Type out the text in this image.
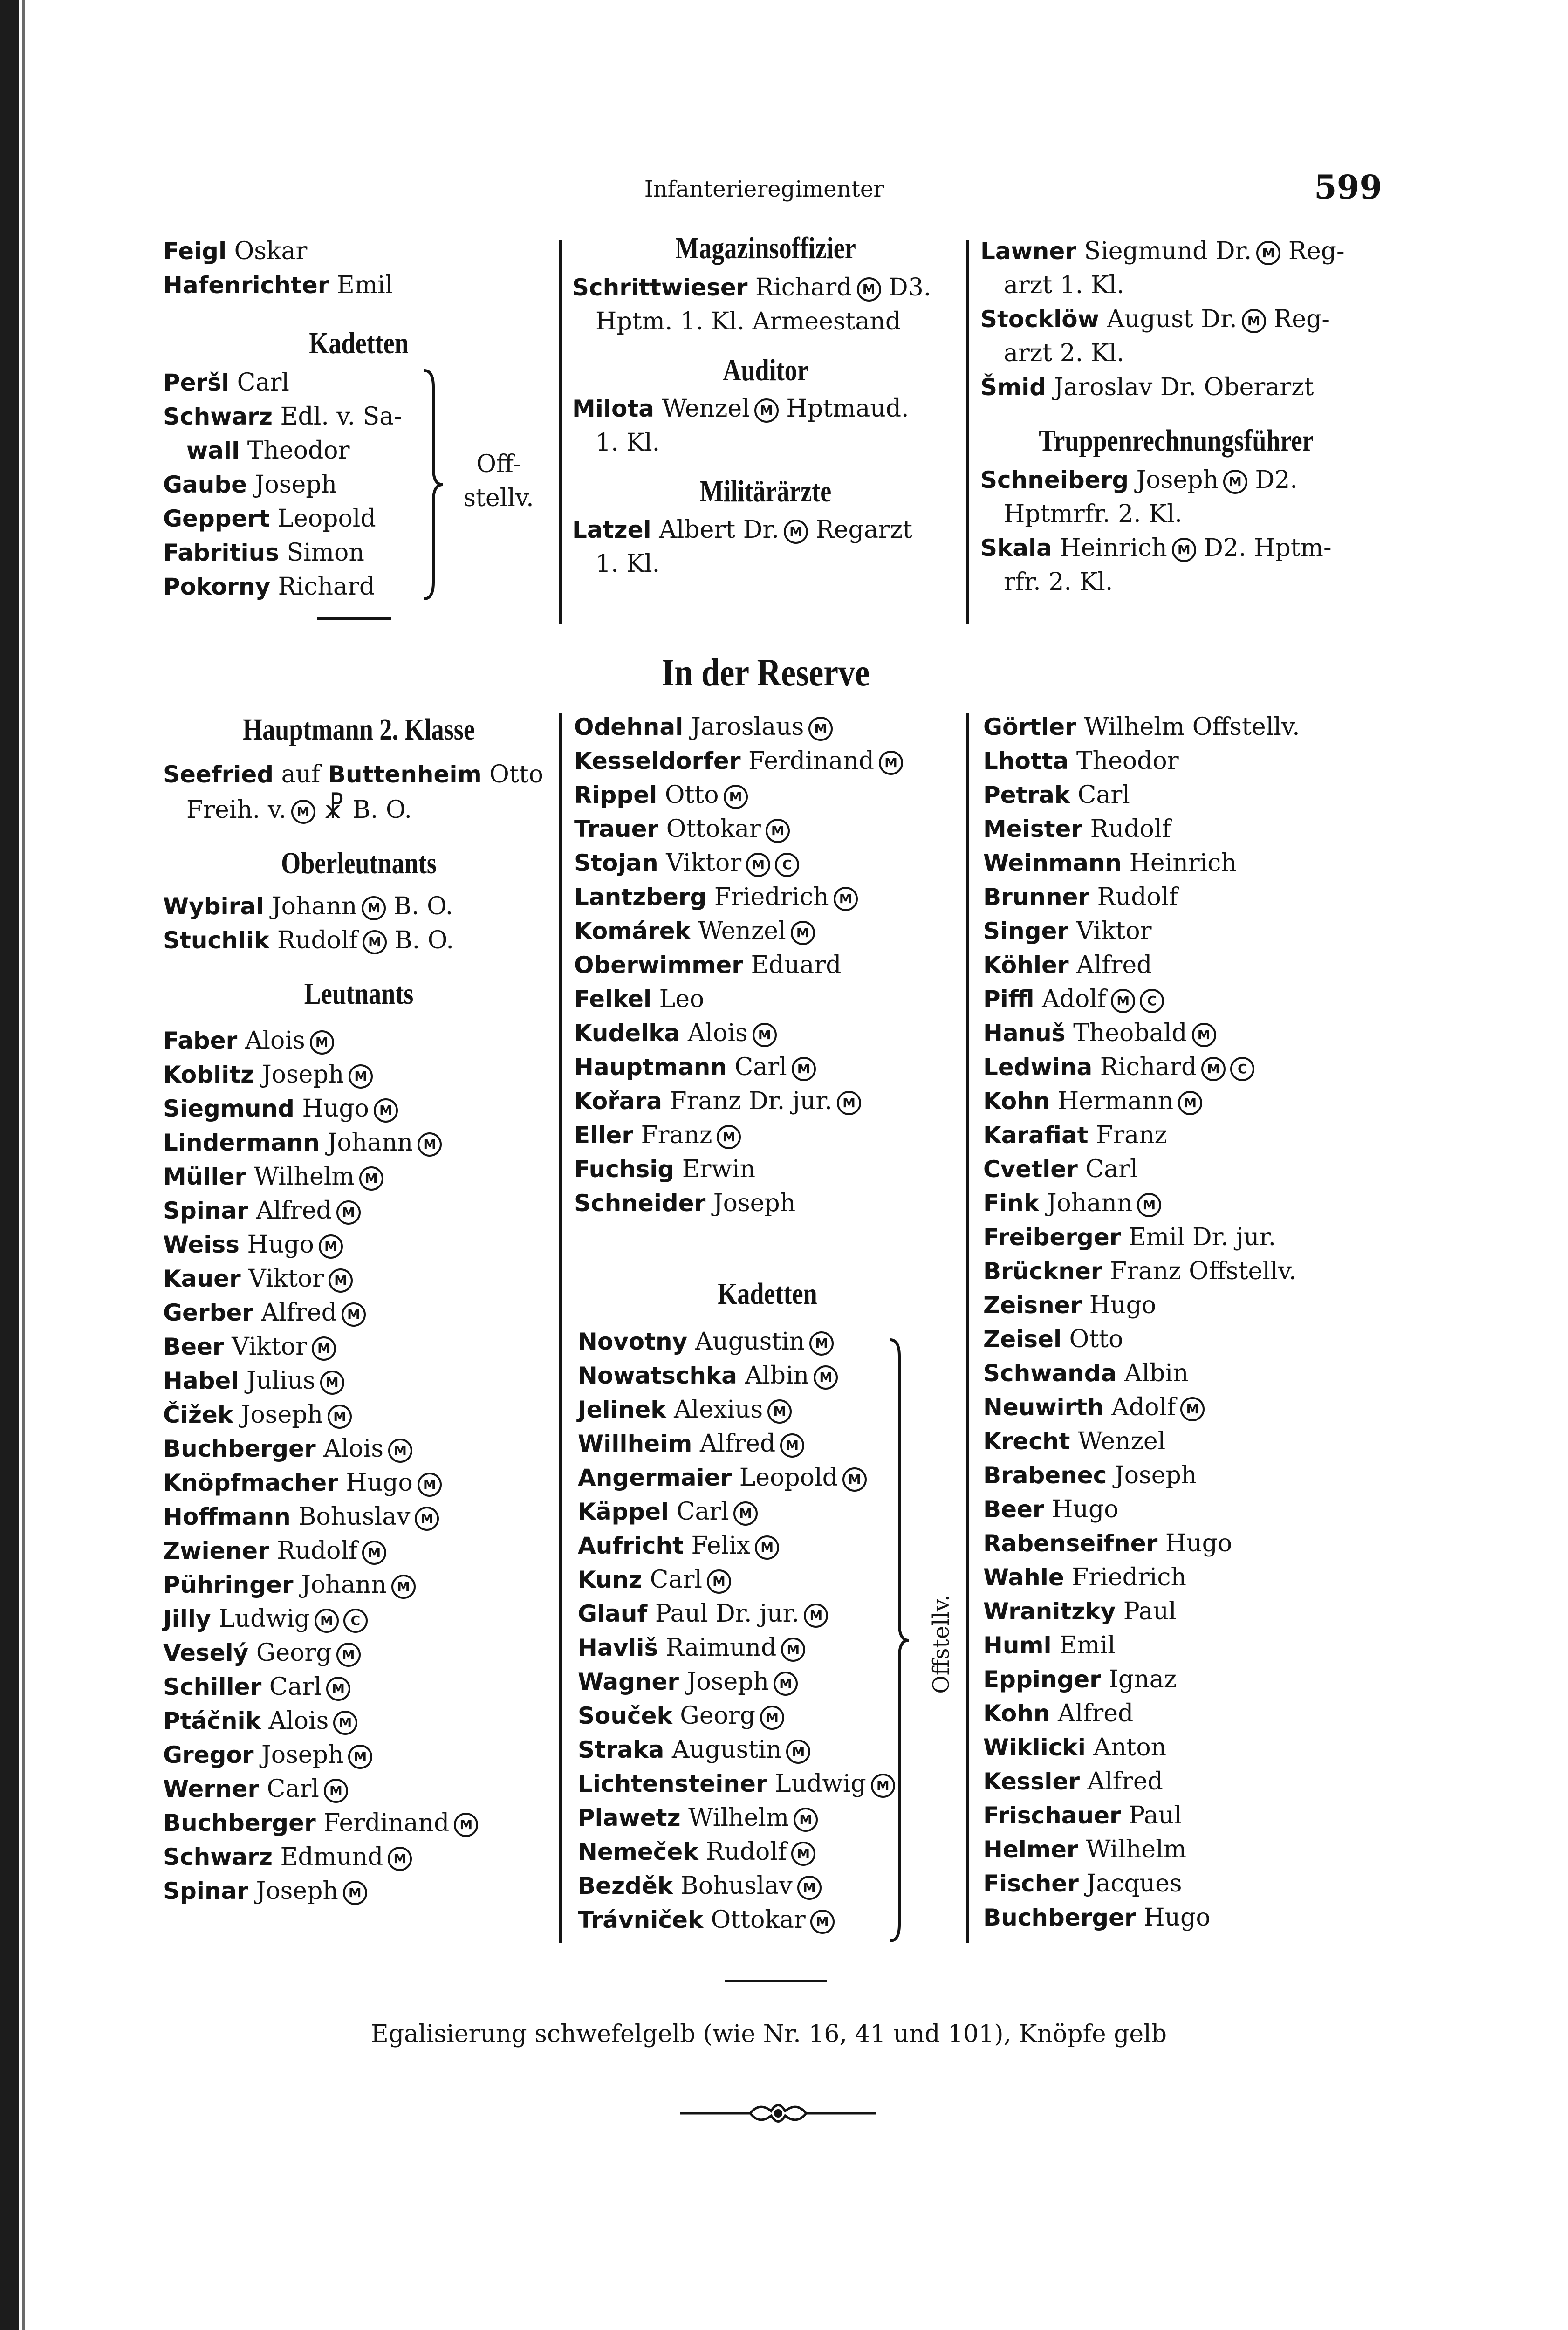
Infanterieregimenter	599
Feigl Oskar
Hafenrichter Emil
Kadetten
Peršl Carl
Schwarz Edl. v. Sa-
wall Theodor
Gaube Joseph
Geppert Leopold
Fabritius Simon
Pokorny Richard
Off-
stellv.
Hauptmann 2. Klasse
Seefried auf Buttenheim Otto
Freih. v. M ☧ B. O.
Oberleutnants
Wybiral Johann M B. O.
Stuchlik Rudolf M B. O.
Leutnants
Faber Alois M
Koblitz Joseph M
Siegmund Hugo M
Lindermann Johann M
Müller Wilhelm M
Spinar Alfred M
Weiss Hugo M
Kauer Viktor M
Gerber Alfred M
Beer Viktor M
Habel Julius M
Čižek Joseph M
Buchberger Alois M
Knöpfmacher Hugo M
Hoffmann Bohuslav M
Zwiener Rudolf M
Pühringer Johann M
Jilly Ludwig M C
Veselý Georg M
Schiller Carl M
Ptáčnik Alois M
Gregor Joseph M
Werner Carl M
Buchberger Ferdinand M
Schwarz Edmund M
Spinar Joseph M
Magazinsoffizier
Schrittwieser Richard M D3.
Hptm. 1. Kl. Armeestand
Auditor
Milota Wenzel M Hptmaud.
1. Kl.
Militärärzte
Latzel Albert Dr. M Regarzt
1. Kl.
In der Reserve
Odehnal Jaroslaus M
Kesseldorfer Ferdinand M
Rippel Otto M
Trauer Ottokar M
Stojan Viktor M C
Lantzberg Friedrich M
Komárek Wenzel M
Oberwimmer Eduard
Felkel Leo
Kudelka Alois M
Hauptmann Carl M
Kořara Franz Dr. jur. M
Eller Franz M
Fuchsig Erwin
Schneider Joseph
Kadetten
Novotny Augustin M
Nowatschka Albin M
Jelinek Alexius M
Willheim Alfred M
Angermaier Leopold M
Käppel Carl M
Aufricht Felix M
Kunz Carl M
Glauf Paul Dr. jur. M
Havliš Raimund M
Wagner Joseph M
Souček Georg M
Straka Augustin M
Lichtensteiner Ludwig M
Plawetz Wilhelm M
Nemeček Rudolf M
Bezděk Bohuslav M
Trávniček Ottokar M
Offstellv.
Lawner Siegmund Dr. M Reg-
arzt 1. Kl.
Stocklöw August Dr. M Reg-
arzt 2. Kl.
Šmid Jaroslav Dr. Oberarzt
Truppenrechnungsführer
Schneiberg Joseph M D2.
Hptmrfr. 2. Kl.
Skala Heinrich M D2. Hptm-
rfr. 2. Kl.
Görtler Wilhelm Offstellv.
Lhotta Theodor
Petrak Carl
Meister Rudolf
Weinmann Heinrich
Brunner Rudolf
Singer Viktor
Köhler Alfred
Piffl Adolf M C
Hanuš Theobald M
Ledwina Richard M C
Kohn Hermann M
Karafiat Franz
Cvetler Carl
Fink Johann M
Freiberger Emil Dr. jur.
Brückner Franz Offstellv.
Zeisner Hugo
Zeisel Otto
Schwanda Albin
Neuwirth Adolf M
Krecht Wenzel
Brabenec Joseph
Beer Hugo
Rabenseifner Hugo
Wahle Friedrich
Wranitzky Paul
Huml Emil
Eppinger Ignaz
Kohn Alfred
Wiklicki Anton
Kessler Alfred
Frischauer Paul
Helmer Wilhelm
Fischer Jacques
Buchberger Hugo
Egalisierung schwefelgelb (wie Nr. 16, 41 und 101), Knöpfe gelb
